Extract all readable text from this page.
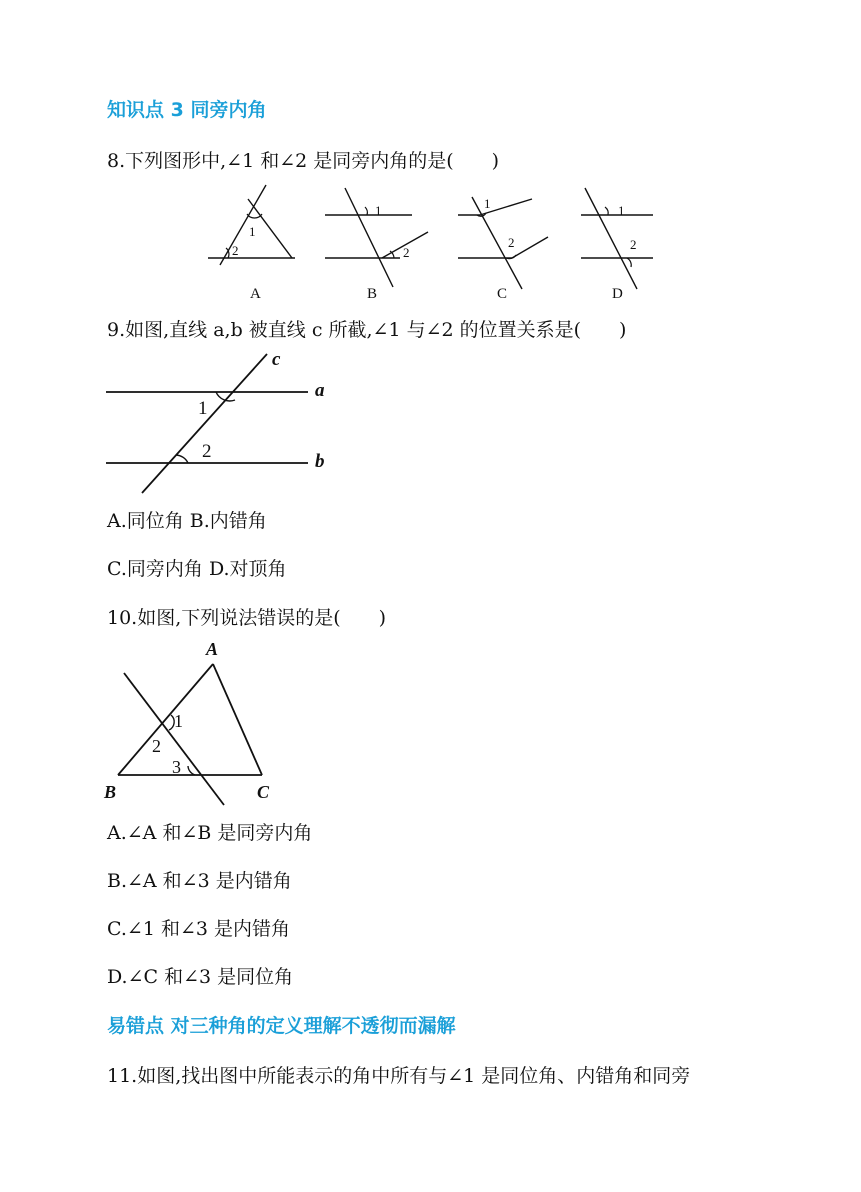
知识点 3 同旁内角
8.下列图形中,∠1 和∠2 是同旁内角的是(　　)
1
2
A
1
2
B
1
2
C
1
2
D
9.如图,直线 a,b 被直线 c 所截,∠1 与∠2 的位置关系是(　　)
1
2
c
a
b
A.同位角 B.内错角
C.同旁内角 D.对顶角
10.如图,下列说法错误的是(　　)
1
2
3
A
B	C
A.∠A 和∠B 是同旁内角
B.∠A 和∠3 是内错角
C.∠1 和∠3 是内错角
D.∠C 和∠3 是同位角
易错点 对三种角的定义理解不透彻而漏解
11.如图,找出图中所能表示的角中所有与∠1 是同位角、内错角和同旁
